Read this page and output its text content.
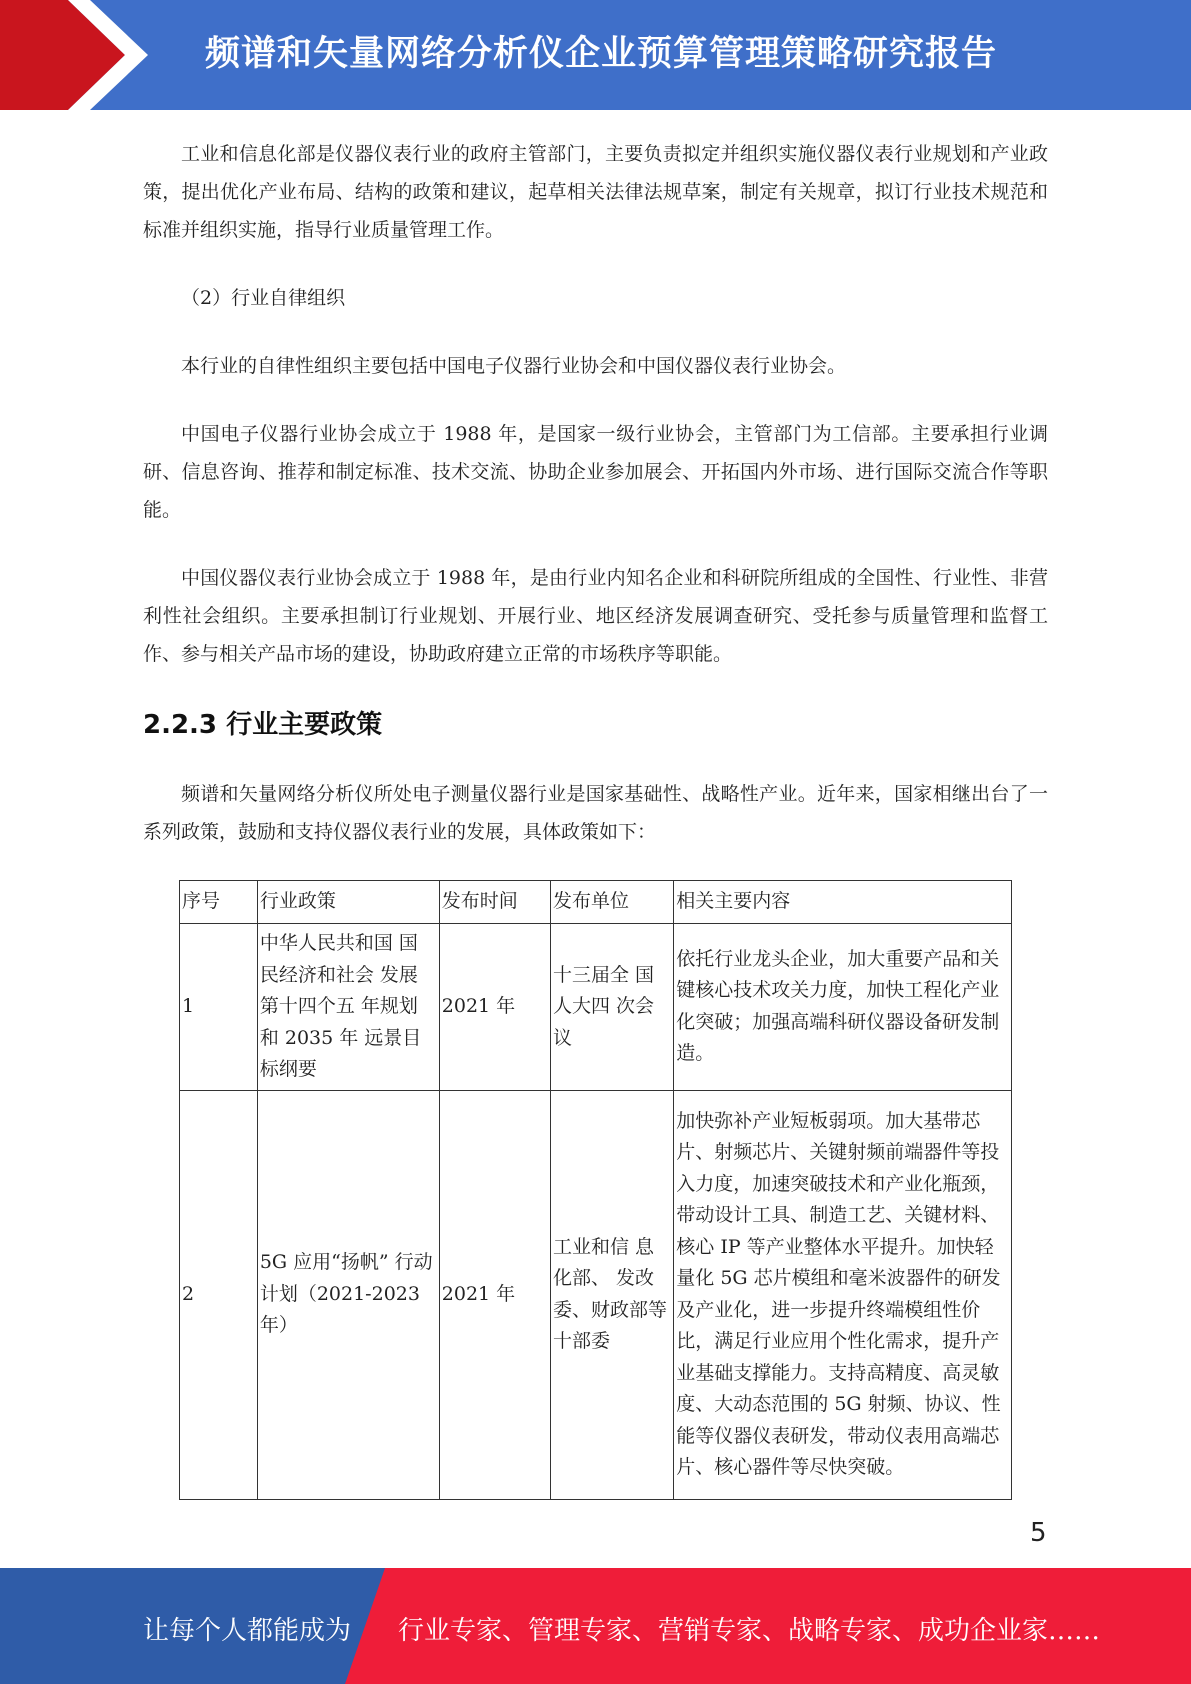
频谱和矢量网络分析仪企业预算管理策略研究报告

工业和信息化部是仪器仪表行业的政府主管部门，主要负责拟定并组织实施仪器仪表行业规划和产业政策，提出优化产业布局、结构的政策和建议，起草相关法律法规草案，制定有关规章，拟订行业技术规范和标准并组织实施，指导行业质量管理工作。

（2）行业自律组织

本行业的自律性组织主要包括中国电子仪器行业协会和中国仪器仪表行业协会。

中国电子仪器行业协会成立于 1988 年，是国家一级行业协会，主管部门为工信部。主要承担行业调研、信息咨询、推荐和制定标准、技术交流、协助企业参加展会、开拓国内外市场、进行国际交流合作等职能。

中国仪器仪表行业协会成立于 1988 年，是由行业内知名企业和科研院所组成的全国性、行业性、非营利性社会组织。主要承担制订行业规划、开展行业、地区经济发展调查研究、受托参与质量管理和监督工作、参与相关产品市场的建设，协助政府建立正常的市场秩序等职能。

2.2.3 行业主要政策

频谱和矢量网络分析仪所处电子测量仪器行业是国家基础性、战略性产业。近年来，国家相继出台了一系列政策，鼓励和支持仪器仪表行业的发展，具体政策如下：

序号	行业政策	发布时间	发布单位	相关主要内容
1	中华人民共和国 国民经济和社会 发展第十四个五 年规划和 2035 年 远景目标纲要	2021 年	十三届全 国人大四 次会议	依托行业龙头企业，加大重要产品和关键核心技术攻关力度，加快工程化产业化突破；加强高端科研仪器设备研发制造。
2	5G 应用“扬帆” 行动计划（2021-2023 年）	2021 年	工业和信 息化部、 发改委、财政部等 十部委	加快弥补产业短板弱项。加大基带芯片、射频芯片、关键射频前端器件等投入力度，加速突破技术和产业化瓶颈，带动设计工具、制造工艺、关键材料、核心 IP 等产业整体水平提升。加快轻量化 5G 芯片模组和毫米波器件的研发及产业化，进一步提升终端模组性价比，满足行业应用个性化需求，提升产业基础支撑能力。支持高精度、高灵敏度、大动态范围的 5G 射频、协议、性能等仪器仪表研发，带动仪表用高端芯片、核心器件等尽快突破。
5
让每个人都能成为 行业专家、管理专家、营销专家、战略专家、成功企业家……
